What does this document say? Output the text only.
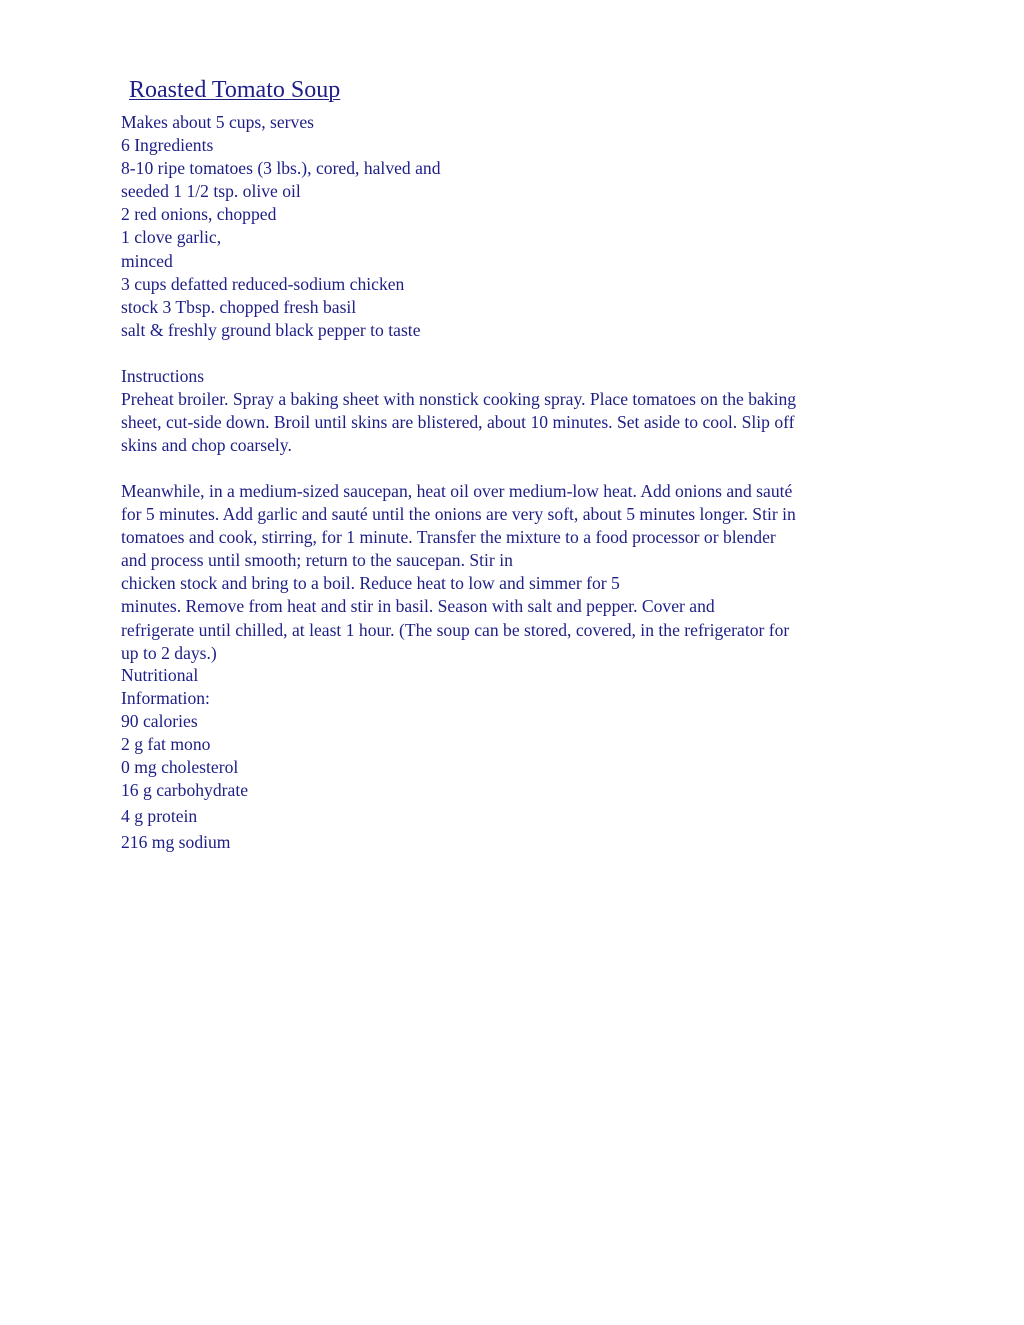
Roasted Tomato Soup
Makes about 5 cups, serves
6 Ingredients
8-10 ripe tomatoes (3 lbs.), cored, halved and
seeded 1 1/2 tsp. olive oil
2 red onions, chopped
1 clove garlic,
minced
3 cups defatted reduced-sodium chicken
stock 3 Tbsp. chopped fresh basil
salt & freshly ground black pepper to taste
Instructions
Preheat broiler. Spray a baking sheet with nonstick cooking spray. Place tomatoes on the baking
sheet, cut-side down. Broil until skins are blistered, about 10 minutes. Set aside to cool. Slip off
skins and chop coarsely.
Meanwhile, in a medium-sized saucepan, heat oil over medium-low heat. Add onions and sauté
for 5 minutes. Add garlic and sauté until the onions are very soft, about 5 minutes longer. Stir in
tomatoes and cook, stirring, for 1 minute. Transfer the mixture to a food processor or blender
and process until smooth; return to the saucepan. Stir in
chicken stock and bring to a boil. Reduce heat to low and simmer for 5
minutes. Remove from heat and stir in basil. Season with salt and pepper. Cover and
refrigerate until chilled, at least 1 hour. (The soup can be stored, covered, in the refrigerator for
up to 2 days.)
Nutritional
Information:
90 calories
2 g fat mono
0 mg cholesterol
16 g carbohydrate
4 g protein
216 mg sodium
